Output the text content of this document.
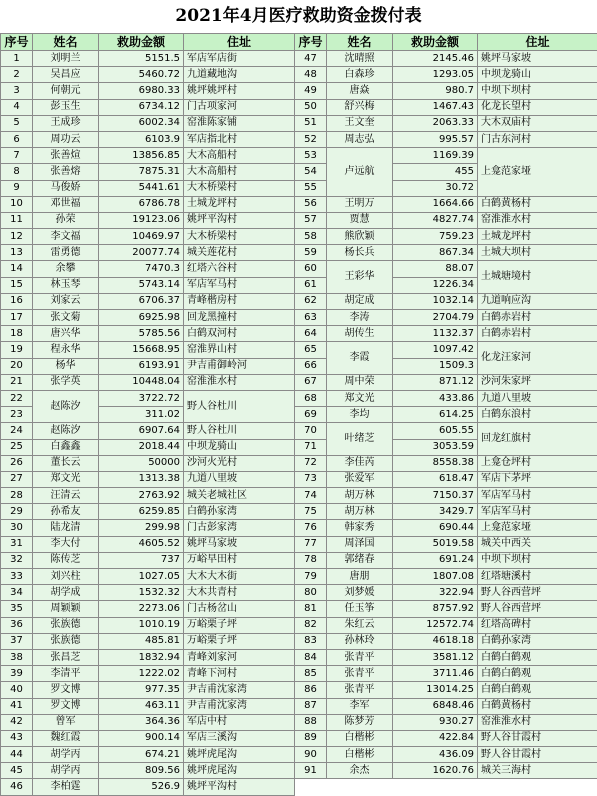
2021年4月医疗救助资金拨付表
序号	姓名	救助金额	住址	序号	姓名	救助金额	住址
1	刘明兰	5151.5	军店军店街	47	沈晴照	2145.46	姚坪马家坡
2	吴昌应	5460.72	九道藏地沟	48	白森珍	1293.05	中坝龙骑山
3	何朝元	6980.33	姚坪姚坪村	49	唐焱	980.7	中坝下坝村
4	彭玉生	6734.12	门古项家河	50	舒兴梅	1467.43	化龙长望村
5	王成珍	6002.34	窑淮陈家铺	51	王文奎	2063.33	大木双庙村
6	周功云	6103.9	军店指北村	52	周志弘	995.57	门古东河村
7	张善煊	13856.85	大木高船村	53	卢远航	1169.39	上龛范家垭
8	张善熔	7875.31	大木高船村	54		455	
9	马俊娇	5441.61	大木桥梁村	55		30.72	
10	邓世福	6786.78	土城龙坪村	56	王明万	1664.66	白鹤黄杨村
11	孙荣	19123.06	姚坪平沟村	57	贾慧	4827.74	窑淮淮水村
12	李文福	10469.97	大木桥梁村	58	熊欣颖	759.23	土城龙坪村
13	雷勇德	20077.74	城关莲花村	59	杨长兵	867.34	土城大坝村
14	余攀	7470.3	红塔六谷村	60	王彩华	88.07	土城塘境村
15	林玉琴	5743.14	军店军马村	61		1226.34	
16	刘家云	6706.37	青峰楷房村	62	胡定成	1032.14	九道响应沟
17	张文菊	6925.98	回龙黑撞村	63	李涛	2704.79	白鹤赤岩村
18	唐兴华	5785.56	白鹤双河村	64	胡传生	1132.37	白鹤赤岩村
19	程永华	15668.95	窑淮界山村	65	李霞	1097.42	化龙汪家河
20	杨华	6193.91	尹吉甫御岭河	66		1509.3	
21	张学英	10448.04	窑淮淮水村	67	周中荣	871.12	沙河朱家坪
22	赵陈汐	3722.72	野人谷杜川	68	郑文光	433.86	九道八里坡
23		311.02		69	李均	614.25	白鹤东浪村
24	赵陈汐	6907.64	野人谷杜川	70	叶绪芝	605.55	回龙红旗村
25	白鑫鑫	2018.44	中坝龙骑山	71		3053.59	
26	董长云	50000	沙河火光村	72	李佳芮	8558.38	上龛仓坪村
27	郑文光	1313.38	九道八里坡	73	张爱军	618.47	军店下茅坪
28	汪清云	2763.92	城关老城社区	74	胡万林	7150.37	军店军马村
29	孙希友	6259.85	白鹤孙家湾	75	胡万林	3429.7	军店军马村
30	陆龙清	299.98	门古彭家湾	76	韩家秀	690.44	上龛范家垭
31	李大付	4605.52	姚坪马家坡	77	周泽国	5019.58	城关中西关
32	陈传芝	737	万峪早田村	78	郭绪春	691.24	中坝下坝村
33	刘兴柱	1027.05	大木大木街	79	唐朋	1807.08	红塔塘溪村
34	胡学成	1532.32	大木共青村	80	刘梦媛	322.94	野人谷西营坪
35	周颖颖	2273.06	门古杨岔山	81	任玉筝	8757.92	野人谷西营坪
36	张族德	1010.19	万峪栗子坪	82	朱红云	12572.74	红塔高碑村
37	张族德	485.81	万峪栗子坪	83	孙林玲	4618.18	白鹤孙家湾
38	张昌芝	1832.94	青峰刘家河	84	张青平	3581.12	白鹤白鹤观
39	李清平	1222.02	青峰下河村	85	张青平	3711.46	白鹤白鹤观
40	罗文博	977.35	尹吉甫沈家湾	86	张青平	13014.25	白鹤白鹤观
41	罗文博	463.11	尹吉甫沈家湾	87	李军	6848.46	白鹤黄杨村
42	曾军	364.36	军店中村	88	陈梦芳	930.27	窑淮淮水村
43	魏红霞	900.14	军店三溪沟	89	白楷彬	422.84	野人谷甘霞村
44	胡学丙	674.21	姚坪虎尾沟	90	白楷彬	436.09	野人谷甘霞村
45	胡学丙	809.56	姚坪虎尾沟	91	余杰	1620.76	城关三海村
46	李柏霆	526.9	姚坪平沟村				
